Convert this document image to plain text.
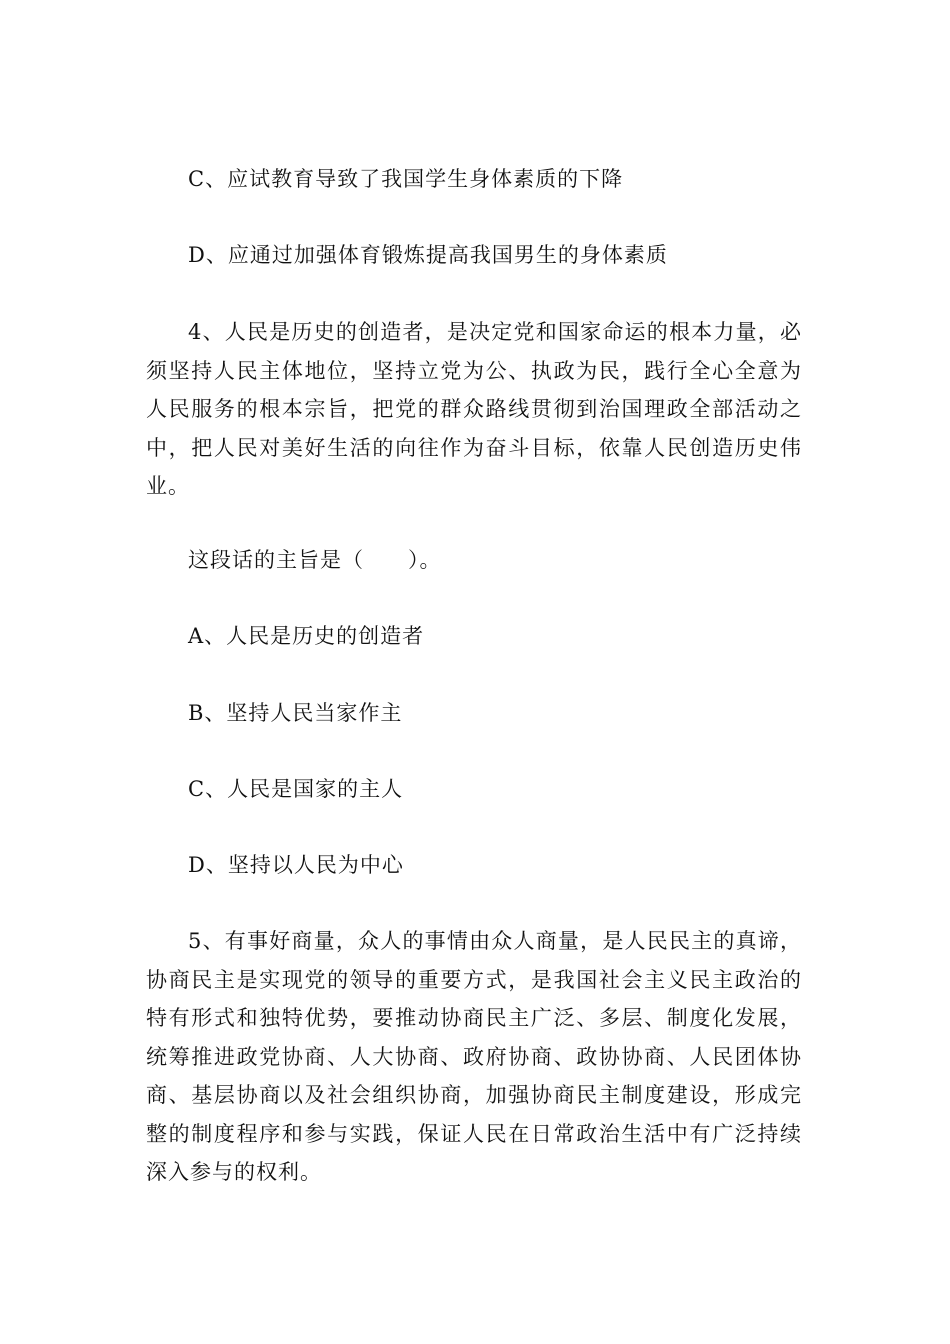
C、应试教育导致了我国学生身体素质的下降
D、应通过加强体育锻炼提高我国男生的身体素质
4、人民是历史的创造者，是决定党和国家命运的根本力量，必须坚持人民主体地位，坚持立党为公、执政为民，践行全心全意为人民服务的根本宗旨，把党的群众路线贯彻到治国理政全部活动之中，把人民对美好生活的向往作为奋斗目标，依靠人民创造历史伟业。
这段话的主旨是（　　）。
A、人民是历史的创造者
B、坚持人民当家作主
C、人民是国家的主人
D、坚持以人民为中心
5、有事好商量，众人的事情由众人商量，是人民民主的真谛，协商民主是实现党的领导的重要方式，是我国社会主义民主政治的特有形式和独特优势，要推动协商民主广泛、多层、制度化发展，统筹推进政党协商、人大协商、政府协商、政协协商、人民团体协商、基层协商以及社会组织协商，加强协商民主制度建设，形成完整的制度程序和参与实践，保证人民在日常政治生活中有广泛持续深入参与的权利。
